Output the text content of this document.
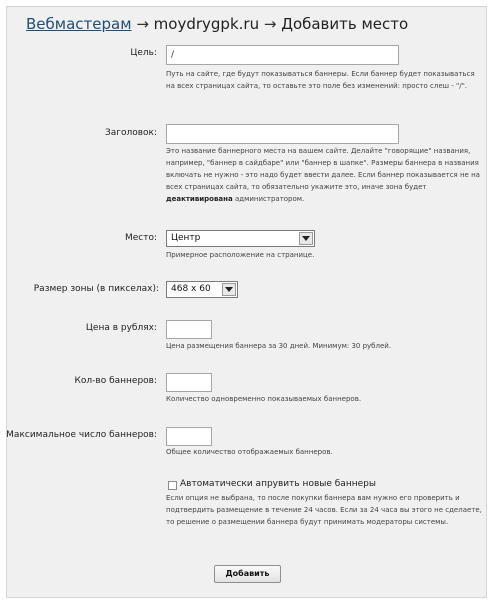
Вебмастерам → moydrygpk.ru → Добавить место
Цель:
/
Путь на сайте, где будут показываться баннеры. Если баннер будет показываться на всех страницах сайта, то оставьте это поле без изменений: просто слеш - "/".
Заголовок:
Это название баннерного места на вашем сайте. Делайте "говорящие" названия, например, "баннер в сайдбаре" или "баннер в шапке". Размеры баннера в названия включать не нужно - это надо будет ввести далее. Если баннер показывается не на всех страницах сайта, то обязательно укажите это, иначе зона будет деактивирована администратором.
Место:	Центр
Примерное расположение на странице.
Размер зоны (в пикселах):	468 x 60
Цена в рублях:
Цена размещения баннера за 30 дней. Минимум: 30 рублей.
Кол-во баннеров:
Количество одновременно показываемых баннеров.
Максимальное число баннеров:
Общее количество отображаемых баннеров.
Автоматически апрувить новые баннеры
Если опция не выбрана, то после покупки баннера вам нужно его проверить и подтвердить размещение в течение 24 часов. Если за 24 часа вы этого не сделаете, то решение о размещении баннера будут принимать модераторы системы.
Добавить
